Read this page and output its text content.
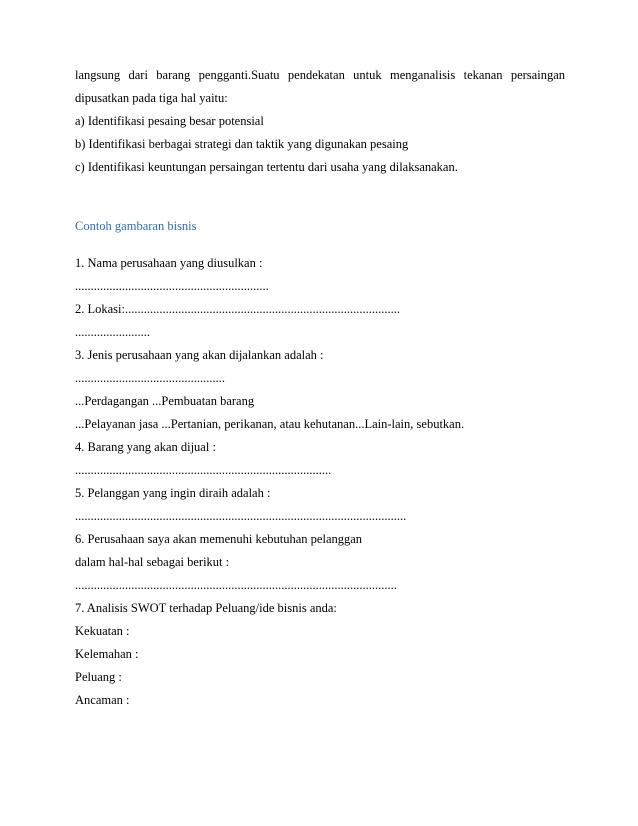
langsung dari barang pengganti.Suatu pendekatan untuk menganalisis tekanan persaingan
dipusatkan pada tiga hal yaitu:
a) Identifikasi pesaing besar potensial
b) Identifikasi berbagai strategi dan taktik yang digunakan pesaing
c) Identifikasi keuntungan persaingan tertentu dari usaha yang dilaksanakan.
Contoh gambaran bisnis
1. Nama perusahaan yang diusulkan :
..............................................................
2. Lokasi:........................................................................................
........................
3. Jenis perusahaan yang akan dijalankan adalah :
................................................
...Perdagangan ...Pembuatan barang
...Pelayanan jasa ...Pertanian, perikanan, atau kehutanan...Lain-lain, sebutkan.
4. Barang yang akan dijual :
..................................................................................
5. Pelanggan yang ingin diraih adalah :
..........................................................................................................
6. Perusahaan saya akan memenuhi kebutuhan pelanggan
dalam hal-hal sebagai berikut :
.......................................................................................................
7. Analisis SWOT terhadap Peluang/ide bisnis anda:
Kekuatan :
Kelemahan :
Peluang :
Ancaman :
